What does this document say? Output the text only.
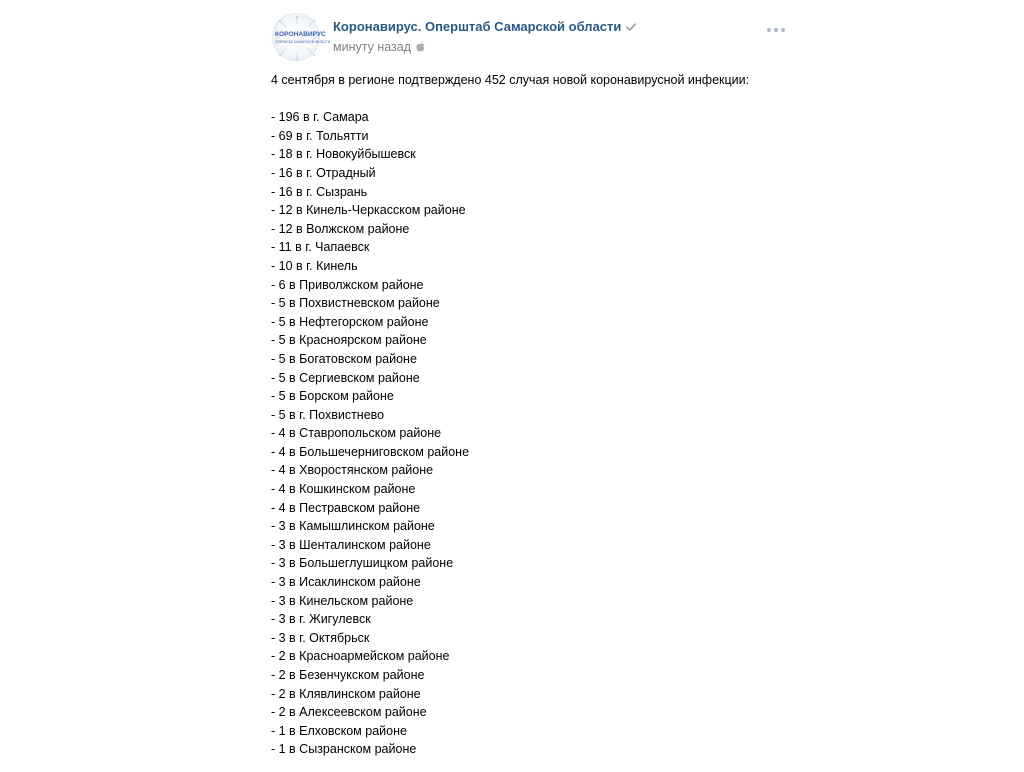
КОРОНАВИРУС
ОПЕРШТАБ САМАРСКОЙ ОБЛАСТИ
Коронавирус. Оперштаб Самарской области
минуту назад
4 сентября в регионе подтверждено 452 случая новой коронавирусной инфекции:
- 196 в г. Самара
- 69 в г. Тольятти
- 18 в г. Новокуйбышевск
- 16 в г. Отрадный
- 16 в г. Сызрань
- 12 в Кинель-Черкасском районе
- 12 в Волжском районе
- 11 в г. Чапаевск
- 10 в г. Кинель
- 6 в Приволжском районе
- 5 в Похвистневском районе
- 5 в Нефтегорском районе
- 5 в Красноярском районе
- 5 в Богатовском районе
- 5 в Сергиевском районе
- 5 в Борском районе
- 5 в г. Похвистнево
- 4 в Ставропольском районе
- 4 в Большечерниговском районе
- 4 в Хворостянском районе
- 4 в Кошкинском районе
- 4 в Пестравском районе
- 3 в Камышлинском районе
- 3 в Шенталинском районе
- 3 в Большеглушицком районе
- 3 в Исаклинском районе
- 3 в Кинельском районе
- 3 в г. Жигулевск
- 3 в г. Октябрьск
- 2 в Красноармейском районе
- 2 в Безенчукском районе
- 2 в Клявлинском районе
- 2 в Алексеевском районе
- 1 в Елховском районе
- 1 в Сызранском районе
